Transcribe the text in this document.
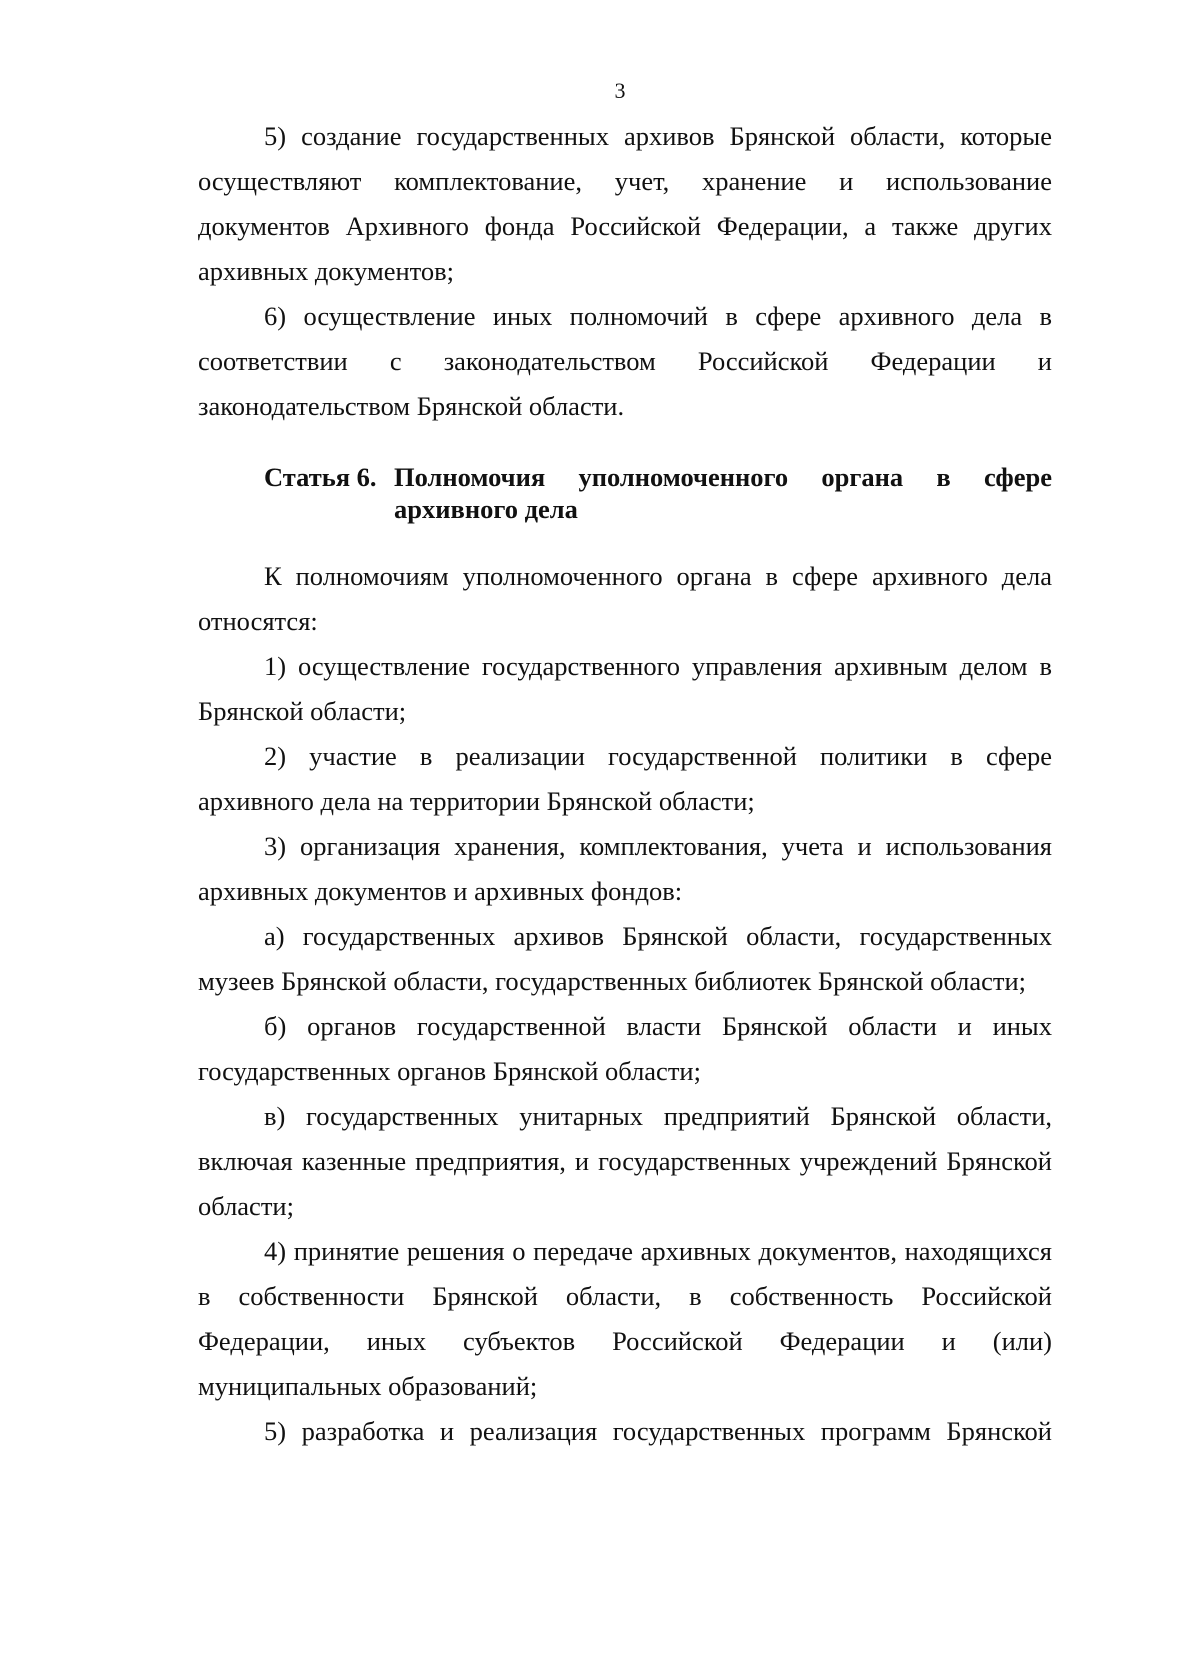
3

5) создание государственных архивов Брянской области, которые осуществляют комплектование, учет, хранение и использование документов Архивного фонда Российской Федерации, а также других архивных документов;

6) осуществление иных полномочий в сфере архивного дела в соответствии с законодательством Российской Федерации и законодательством Брянской области.

Статья 6. Полномочия уполномоченного органа в сфере архивного дела

К полномочиям уполномоченного органа в сфере архивного дела относятся:

1) осуществление государственного управления архивным делом в Брянской области;

2) участие в реализации государственной политики в сфере архивного дела на территории Брянской области;

3) организация хранения, комплектования, учета и использования архивных документов и архивных фондов:

а) государственных архивов Брянской области, государственных музеев Брянской области, государственных библиотек Брянской области;

б) органов государственной власти Брянской области и иных государственных органов Брянской области;

в) государственных унитарных предприятий Брянской области, включая казенные предприятия, и государственных учреждений Брянской области;

4) принятие решения о передаче архивных документов, находящихся в собственности Брянской области, в собственность Российской Федерации, иных субъектов Российской Федерации и (или) муниципальных образований;

5) разработка и реализация государственных программ Брянской
